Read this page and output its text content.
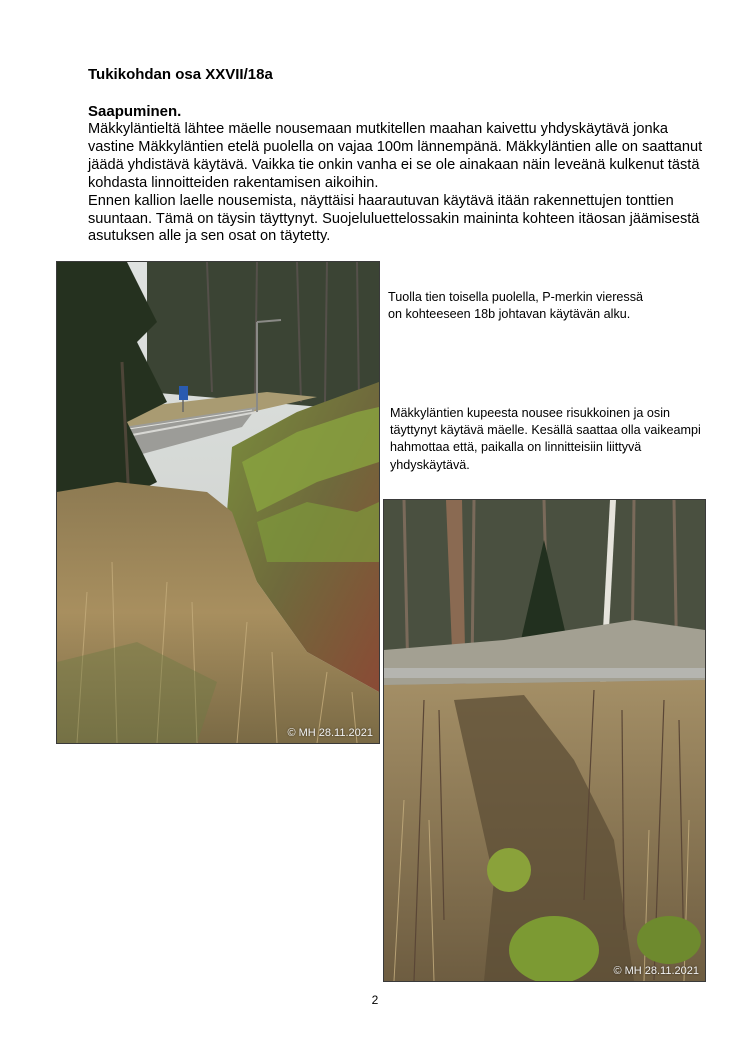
Tukikohdan osa XXVII/18a
Saapuminen.

Mäkkyläntieltä lähtee mäelle nousemaan mutkitellen maahan kaivettu yhdyskäytävä jonka vastine Mäkkyläntien etelä puolella on vajaa 100m lännempänä. Mäkkyläntien alle on saattanut jäädä yhdistävä käytävä. Vaikka tie onkin vanha ei se ole ainakaan näin leveänä kulkenut tästä kohdasta linnoitteiden rakentamisen aikoihin.

Ennen kallion laelle nousemista, näyttäisi haarautuvan käytävä itään rakennettujen tonttien suuntaan. Tämä on täysin täyttynyt. Suojeluluettelossakin maininta kohteen itäosan jäämisestä asutuksen alle ja sen osat on täytetty.

© MH 28.11.2021
Tuolla tien toisella puolella, P-merkin vieressä on kohteeseen 18b johtavan käytävän alku.
Mäkkyläntien kupeesta nousee risukkoinen ja osin täyttynyt käytävä mäelle. Kesällä saattaa olla vaikeampi hahmottaa että, paikalla on linnitteisiin liittyvä yhdyskäytävä.
© MH 28.11.2021
2
